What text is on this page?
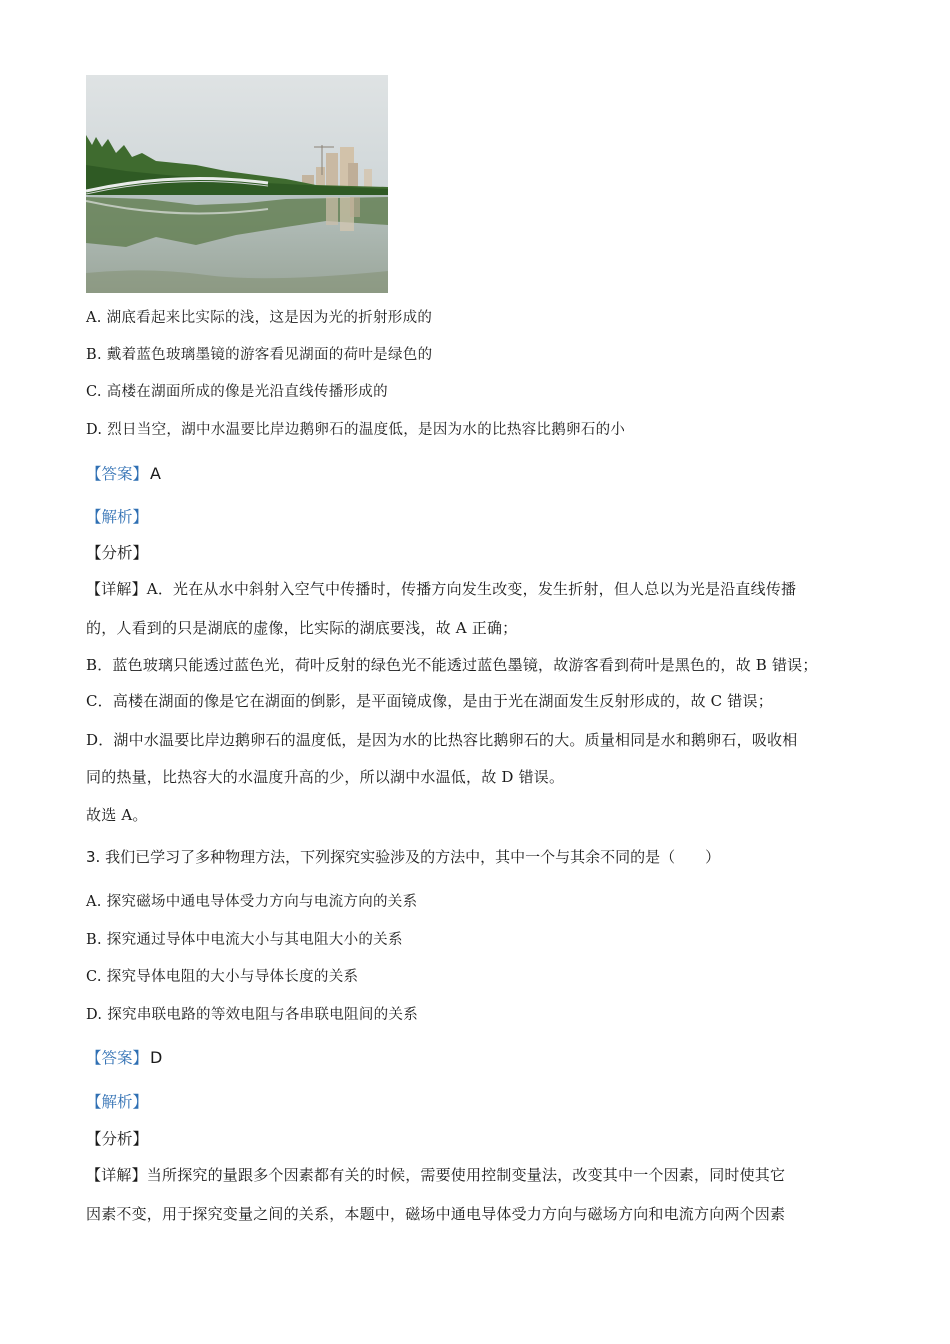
A. 湖底看起来比实际的浅，这是因为光的折射形成的
B. 戴着蓝色玻璃墨镜的游客看见湖面的荷叶是绿色的
C. 高楼在湖面所成的像是光沿直线传播形成的
D. 烈日当空，湖中水温要比岸边鹅卵石的温度低，是因为水的比热容比鹅卵石的小
【答案】 A
【解析】
【分析】
【详解】A．光在从水中斜射入空气中传播时，传播方向发生改变，发生折射，但人总以为光是沿直线传播
的，人看到的只是湖底的虚像，比实际的湖底要浅，故 A 正确；
B．蓝色玻璃只能透过蓝色光，荷叶反射的绿色光不能透过蓝色墨镜，故游客看到荷叶是黑色的，故 B 错误；
C．高楼在湖面的像是它在湖面的倒影，是平面镜成像，是由于光在湖面发生反射形成的，故 C 错误；
D．湖中水温要比岸边鹅卵石的温度低，是因为水的比热容比鹅卵石的大。质量相同是水和鹅卵石，吸收相
同的热量，比热容大的水温度升高的少，所以湖中水温低，故 D 错误。
故选 A。
3. 我们已学习了多种物理方法，下列探究实验涉及的方法中，其中一个与其余不同的是（　　）
A. 探究磁场中通电导体受力方向与电流方向的关系
B. 探究通过导体中电流大小与其电阻大小的关系
C. 探究导体电阻的大小与导体长度的关系
D. 探究串联电路的等效电阻与各串联电阻间的关系
【答案】 D
【解析】
【分析】
【详解】当所探究的量跟多个因素都有关的时候，需要使用控制变量法，改变其中一个因素，同时使其它
因素不变，用于探究变量之间的关系，本题中，磁场中通电导体受力方向与磁场方向和电流方向两个因素
